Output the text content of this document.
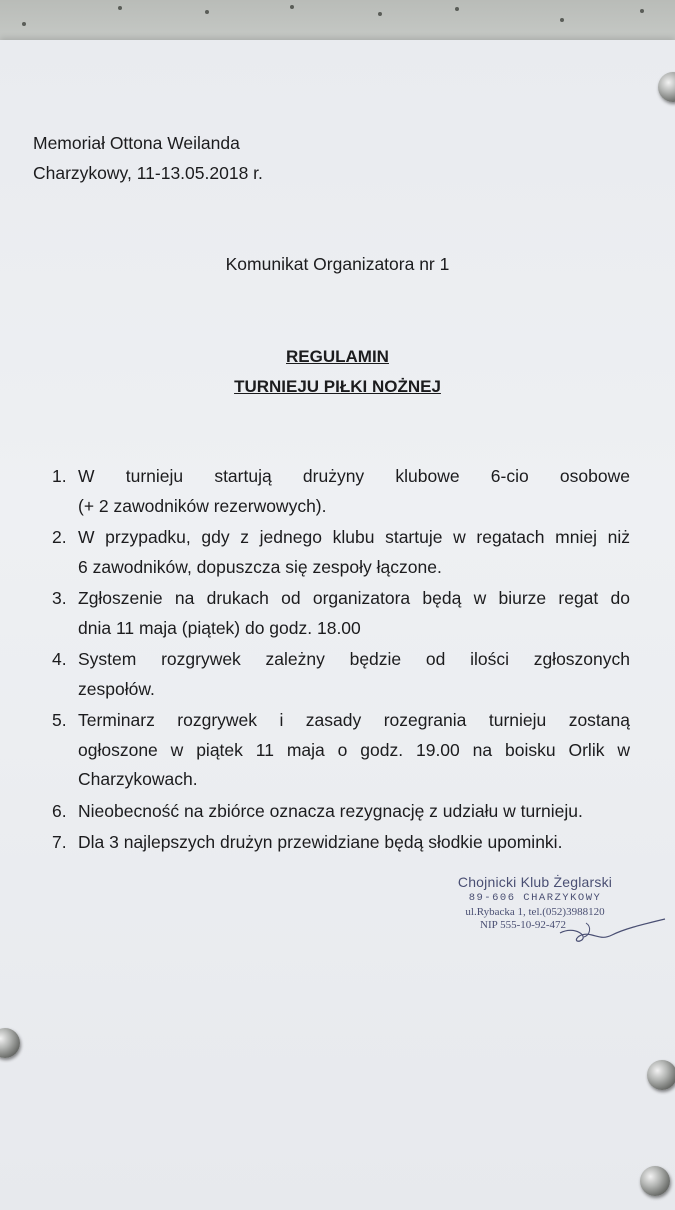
Memoriał Ottona Weilanda
Charzykowy, 11-13.05.2018 r.
Komunikat Organizatora nr 1
REGULAMIN
TURNIEJU PIŁKI NOŻNEJ
1. W turnieju startują drużyny klubowe 6-cio osobowe
(+ 2 zawodników rezerwowych).
2. W przypadku, gdy z jednego klubu startuje w regatach mniej niż
6 zawodników, dopuszcza się zespoły łączone.
3. Zgłoszenie na drukach od organizatora będą w biurze regat do
dnia 11 maja (piątek) do godz. 18.00
4. System rozgrywek zależny będzie od ilości zgłoszonych
zespołów.
5. Terminarz rozgrywek i zasady rozegrania turnieju zostaną
ogłoszone w piątek 11 maja o godz. 19.00 na boisku Orlik w
Charzykowach.
6. Nieobecność na zbiórce oznacza rezygnację z udziału w turnieju.
7. Dla 3 najlepszych drużyn przewidziane będą słodkie upominki.
Chojnicki Klub Żeglarski
89-606 CHARZYKOWY
ul.Rybacka 1, tel.(052)3988120
NIP 555-10-92-472
